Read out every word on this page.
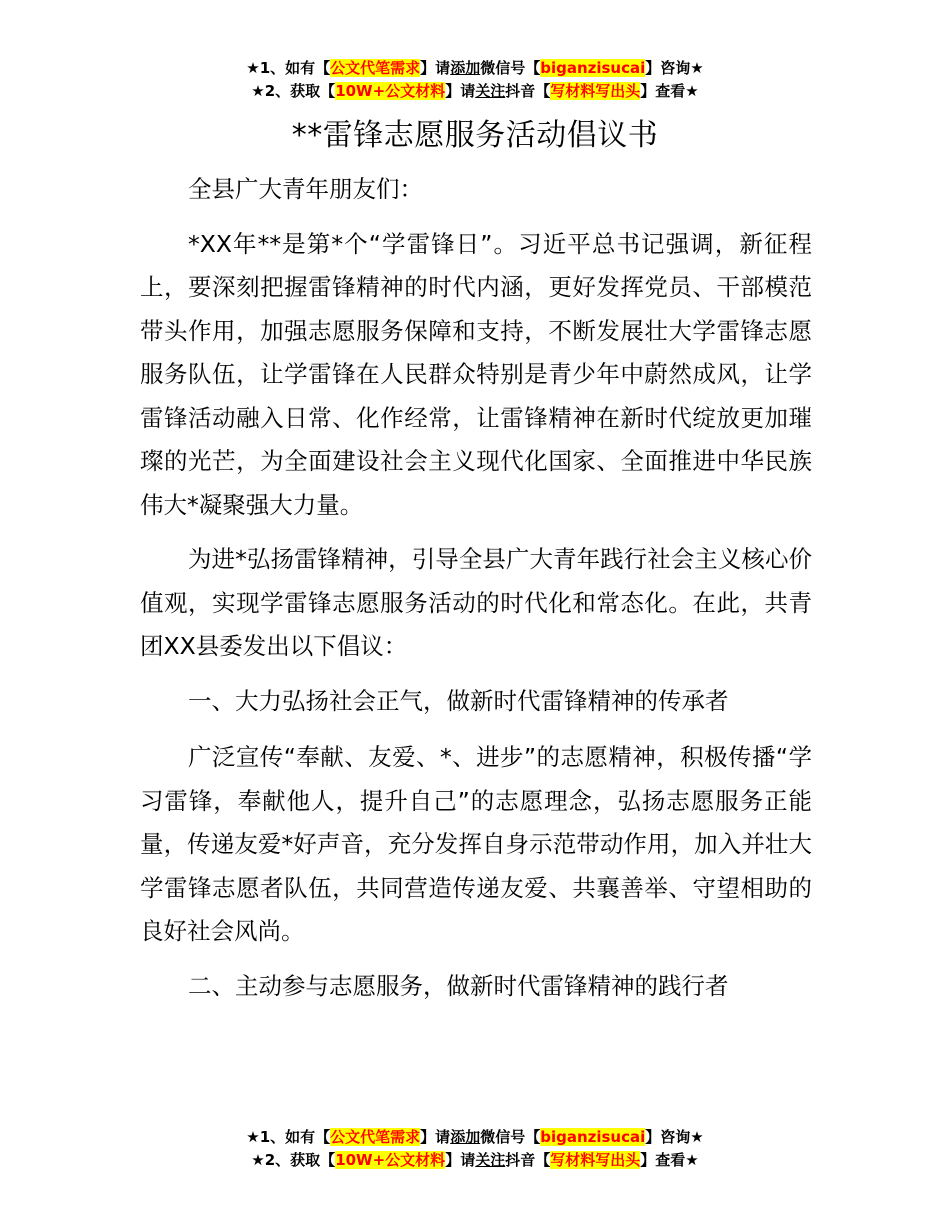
★1、如有【公文代笔需求】请添加微信号【biganzisucai】咨询★
★2、获取【10W+公文材料】请关注抖音【写材料写出头】查看★
**雷锋志愿服务活动倡议书

全县广大青年朋友们：

*XX年**是第*个“学雷锋日”。习近平总书记强调，新征程上，要深刻把握雷锋精神的时代内涵，更好发挥党员、干部模范带头作用，加强志愿服务保障和支持，不断发展壮大学雷锋志愿服务队伍，让学雷锋在人民群众特别是青少年中蔚然成风，让学雷锋活动融入日常、化作经常，让雷锋精神在新时代绽放更加璀璨的光芒，为全面建设社会主义现代化国家、全面推进中华民族伟大*凝聚强大力量。

为进*弘扬雷锋精神，引导全县广大青年践行社会主义核心价值观，实现学雷锋志愿服务活动的时代化和常态化。在此，共青团XX县委发出以下倡议：

一、大力弘扬社会正气，做新时代雷锋精神的传承者

广泛宣传“奉献、友爱、*、进步”的志愿精神，积极传播“学习雷锋，奉献他人，提升自己”的志愿理念，弘扬志愿服务正能量，传递友爱*好声音，充分发挥自身示范带动作用，加入并壮大学雷锋志愿者队伍，共同营造传递友爱、共襄善举、守望相助的良好社会风尚。

二、主动参与志愿服务，做新时代雷锋精神的践行者

★1、如有【公文代笔需求】请添加微信号【biganzisucai】咨询★
★2、获取【10W+公文材料】请关注抖音【写材料写出头】查看★
